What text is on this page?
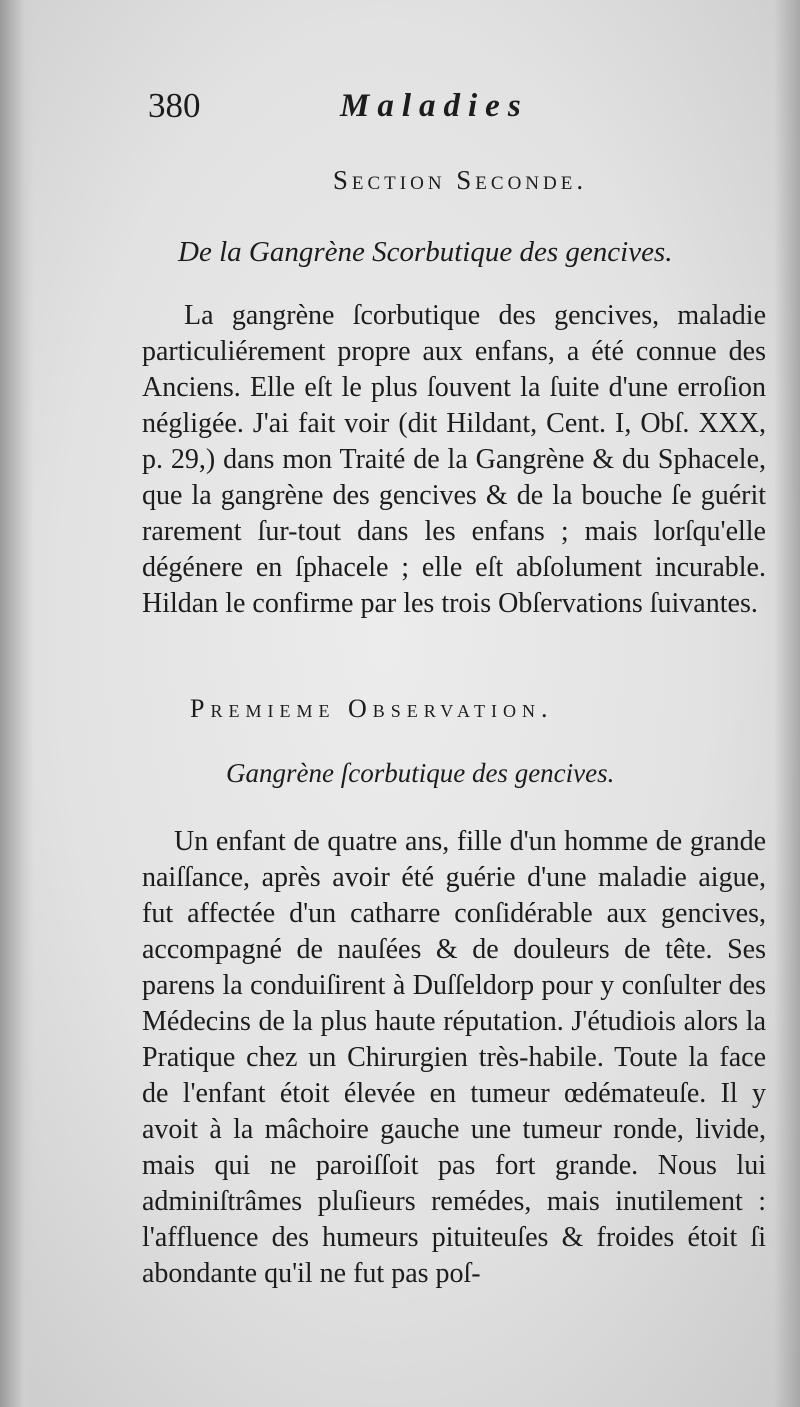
380	Maladies
Section Seconde.
De la Gangrène Scorbutique des gencives.

La gangrène ſcorbutique des gencives, maladie particuliérement propre aux enfans, a été connue des Anciens. Elle eſt le plus ſouvent la ſuite d'une erroſion négligée. J'ai fait voir (dit Hildant, Cent. I, Obſ. XXX, p. 29,) dans mon Traité de la Gangrène & du Sphacele, que la gangrène des gencives & de la bouche ſe guérit rarement ſur-tout dans les enfans ; mais lorſqu'elle dégénere en ſphacele ; elle eſt abſolument incurable. Hildan le confirme par les trois Obſervations ſuivantes.

Premieme Observation.
Gangrène ſcorbutique des gencives.

Un enfant de quatre ans, fille d'un homme de grande naiſſance, après avoir été guérie d'une maladie aigue, fut affectée d'un catharre conſidérable aux gencives, accompagné de nauſées & de douleurs de tête. Ses parens la conduiſirent à Duſſeldorp pour y conſulter des Médecins de la plus haute réputation. J'étudiois alors la Pratique chez un Chirurgien très-habile. Toute la face de l'enfant étoit élevée en tumeur œdémateuſe. Il y avoit à la mâchoire gauche une tumeur ronde, livide, mais qui ne paroiſſoit pas fort grande. Nous lui adminiſtrâmes pluſieurs remédes, mais inutilement : l'affluence des humeurs pituiteuſes & froides étoit ſi abondante qu'il ne fut pas poſ-
